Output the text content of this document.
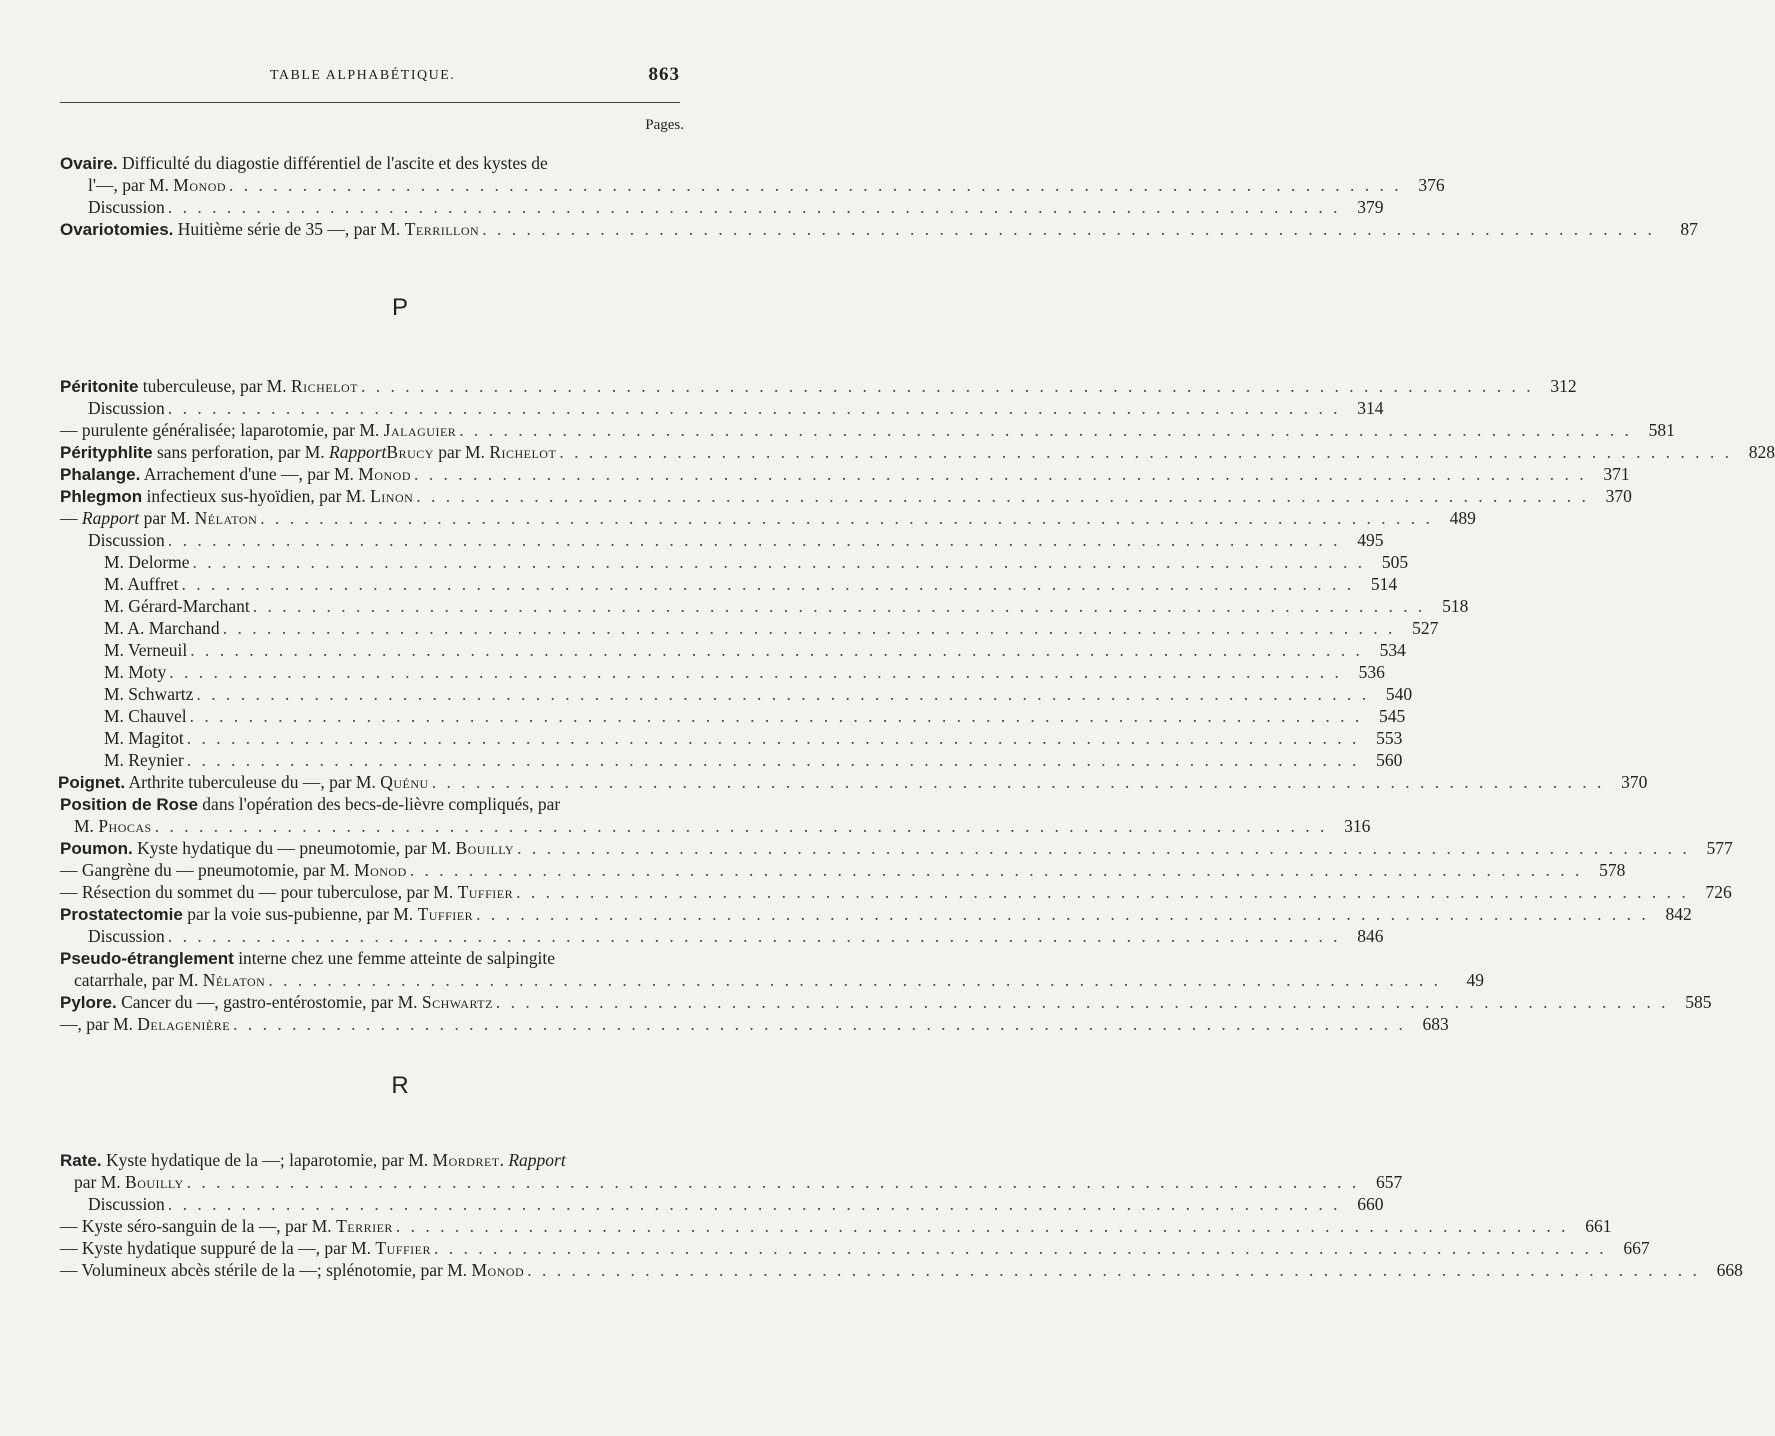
TABLE ALPHABÉTIQUE.	863
Pages.
P
R
Ovaire. Difficulté du diagostie différentiel de l'ascite et des kystes de
l'—, par M. Monod . . . . . . . . . . . . . . . . . . . . . . . . . . . . . . . . . . . . . . . . . . . . . . . . . . . . . . . . . . . . . . . . . . . . . . . . . . . . . . . . 376
Discussion . . . . . . . . . . . . . . . . . . . . . . . . . . . . . . . . . . . . . . . . . . . . . . . . . . . . . . . . . . . . . . . . . . . . . . . . . . . . . . . . 379
Ovariotomies. Huitième série de 35 —, par M. Terrillon . . . . . . . . . . . . . . . . . . . . . . . . . . . . . . . . . . . . . . . . . . . . . . . . . . . . . . . . . . . . . . . . . . . . . . . . . . . . . . . .	87
Péritonite tuberculeuse, par M. Richelot . . . . . . . . . . . . . . . . . . . . . . . . . . . . . . . . . . . . . . . . . . . . . . . . . . . . . . . . . . . . . . . . . . . . . . . . . . . . . . . . 312
Discussion . . . . . . . . . . . . . . . . . . . . . . . . . . . . . . . . . . . . . . . . . . . . . . . . . . . . . . . . . . . . . . . . . . . . . . . . . . . . . . . . 314
— purulente généralisée; laparotomie, par M. Jalaguier . . . . . . . . . . . . . . . . . . . . . . . . . . . . . . . . . . . . . . . . . . . . . . . . . . . . . . . . . . . . . . . . . . . . . . . . . . . . . . . . 581
Pérityphlite sans perforation, par M. RapportBrucy par M. Richelot . . . . . . . . . . . . . . . . . . . . . . . . . . . . . . . . . . . . . . . . . . . . . . . . . . . . . . . . . . . . . . . . . . . . . . . . . . . . . . . . 828
Phalange. Arrachement d'une —, par M. Monod . . . . . . . . . . . . . . . . . . . . . . . . . . . . . . . . . . . . . . . . . . . . . . . . . . . . . . . . . . . . . . . . . . . . . . . . . . . . . . . . 371
Phlegmon infectieux sus-hyoïdien, par M. Linon . . . . . . . . . . . . . . . . . . . . . . . . . . . . . . . . . . . . . . . . . . . . . . . . . . . . . . . . . . . . . . . . . . . . . . . . . . . . . . . . 370
— Rapport par M. Nélaton . . . . . . . . . . . . . . . . . . . . . . . . . . . . . . . . . . . . . . . . . . . . . . . . . . . . . . . . . . . . . . . . . . . . . . . . . . . . . . . . 489
Discussion . . . . . . . . . . . . . . . . . . . . . . . . . . . . . . . . . . . . . . . . . . . . . . . . . . . . . . . . . . . . . . . . . . . . . . . . . . . . . . . . 495
M. Delorme . . . . . . . . . . . . . . . . . . . . . . . . . . . . . . . . . . . . . . . . . . . . . . . . . . . . . . . . . . . . . . . . . . . . . . . . . . . . . . . . 505
M. Auffret . . . . . . . . . . . . . . . . . . . . . . . . . . . . . . . . . . . . . . . . . . . . . . . . . . . . . . . . . . . . . . . . . . . . . . . . . . . . . . . . 514
M. Gérard-Marchant . . . . . . . . . . . . . . . . . . . . . . . . . . . . . . . . . . . . . . . . . . . . . . . . . . . . . . . . . . . . . . . . . . . . . . . . . . . . . . . . 518
M. A. Marchand . . . . . . . . . . . . . . . . . . . . . . . . . . . . . . . . . . . . . . . . . . . . . . . . . . . . . . . . . . . . . . . . . . . . . . . . . . . . . . . . 527
M. Verneuil . . . . . . . . . . . . . . . . . . . . . . . . . . . . . . . . . . . . . . . . . . . . . . . . . . . . . . . . . . . . . . . . . . . . . . . . . . . . . . . . 534
M. Moty . . . . . . . . . . . . . . . . . . . . . . . . . . . . . . . . . . . . . . . . . . . . . . . . . . . . . . . . . . . . . . . . . . . . . . . . . . . . . . . . 536
M. Schwartz . . . . . . . . . . . . . . . . . . . . . . . . . . . . . . . . . . . . . . . . . . . . . . . . . . . . . . . . . . . . . . . . . . . . . . . . . . . . . . . . 540
M. Chauvel . . . . . . . . . . . . . . . . . . . . . . . . . . . . . . . . . . . . . . . . . . . . . . . . . . . . . . . . . . . . . . . . . . . . . . . . . . . . . . . . 545
M. Magitot . . . . . . . . . . . . . . . . . . . . . . . . . . . . . . . . . . . . . . . . . . . . . . . . . . . . . . . . . . . . . . . . . . . . . . . . . . . . . . . . 553
M. Reynier . . . . . . . . . . . . . . . . . . . . . . . . . . . . . . . . . . . . . . . . . . . . . . . . . . . . . . . . . . . . . . . . . . . . . . . . . . . . . . . . 560
Poignet. Arthrite tuberculeuse du —, par M. Quénu . . . . . . . . . . . . . . . . . . . . . . . . . . . . . . . . . . . . . . . . . . . . . . . . . . . . . . . . . . . . . . . . . . . . . . . . . . . . . . . . 370
Position de Rose dans l'opération des becs-de-lièvre compliqués, par
M. Phocas . . . . . . . . . . . . . . . . . . . . . . . . . . . . . . . . . . . . . . . . . . . . . . . . . . . . . . . . . . . . . . . . . . . . . . . . . . . . . . . . 316
Poumon. Kyste hydatique du — pneumotomie, par M. Bouilly . . . . . . . . . . . . . . . . . . . . . . . . . . . . . . . . . . . . . . . . . . . . . . . . . . . . . . . . . . . . . . . . . . . . . . . . . . . . . . . . 577
— Gangrène du — pneumotomie, par M. Monod . . . . . . . . . . . . . . . . . . . . . . . . . . . . . . . . . . . . . . . . . . . . . . . . . . . . . . . . . . . . . . . . . . . . . . . . . . . . . . . . 578
— Résection du sommet du — pour tuberculose, par M. Tuffier . . . . . . . . . . . . . . . . . . . . . . . . . . . . . . . . . . . . . . . . . . . . . . . . . . . . . . . . . . . . . . . . . . . . . . . . . . . . . . . . 726
Prostatectomie par la voie sus-pubienne, par M. Tuffier . . . . . . . . . . . . . . . . . . . . . . . . . . . . . . . . . . . . . . . . . . . . . . . . . . . . . . . . . . . . . . . . . . . . . . . . . . . . . . . . 842
Discussion . . . . . . . . . . . . . . . . . . . . . . . . . . . . . . . . . . . . . . . . . . . . . . . . . . . . . . . . . . . . . . . . . . . . . . . . . . . . . . . . 846
Pseudo-étranglement interne chez une femme atteinte de salpingite
catarrhale, par M. Nélaton . . . . . . . . . . . . . . . . . . . . . . . . . . . . . . . . . . . . . . . . . . . . . . . . . . . . . . . . . . . . . . . . . . . . . . . . . . . . . . . .	49
Pylore. Cancer du —, gastro-entérostomie, par M. Schwartz . . . . . . . . . . . . . . . . . . . . . . . . . . . . . . . . . . . . . . . . . . . . . . . . . . . . . . . . . . . . . . . . . . . . . . . . . . . . . . . . 585
—, par M. Delagenière . . . . . . . . . . . . . . . . . . . . . . . . . . . . . . . . . . . . . . . . . . . . . . . . . . . . . . . . . . . . . . . . . . . . . . . . . . . . . . . . 683
Rate. Kyste hydatique de la —; laparotomie, par M. Mordret. Rapport
par M. Bouilly . . . . . . . . . . . . . . . . . . . . . . . . . . . . . . . . . . . . . . . . . . . . . . . . . . . . . . . . . . . . . . . . . . . . . . . . . . . . . . . . 657
Discussion . . . . . . . . . . . . . . . . . . . . . . . . . . . . . . . . . . . . . . . . . . . . . . . . . . . . . . . . . . . . . . . . . . . . . . . . . . . . . . . . 660
— Kyste séro-sanguin de la —, par M. Terrier . . . . . . . . . . . . . . . . . . . . . . . . . . . . . . . . . . . . . . . . . . . . . . . . . . . . . . . . . . . . . . . . . . . . . . . . . . . . . . . . 661
— Kyste hydatique suppuré de la —, par M. Tuffier . . . . . . . . . . . . . . . . . . . . . . . . . . . . . . . . . . . . . . . . . . . . . . . . . . . . . . . . . . . . . . . . . . . . . . . . . . . . . . . . 667
— Volumineux abcès stérile de la —; splénotomie, par M. Monod . . . . . . . . . . . . . . . . . . . . . . . . . . . . . . . . . . . . . . . . . . . . . . . . . . . . . . . . . . . . . . . . . . . . . . . . . . . . . . . . 668
